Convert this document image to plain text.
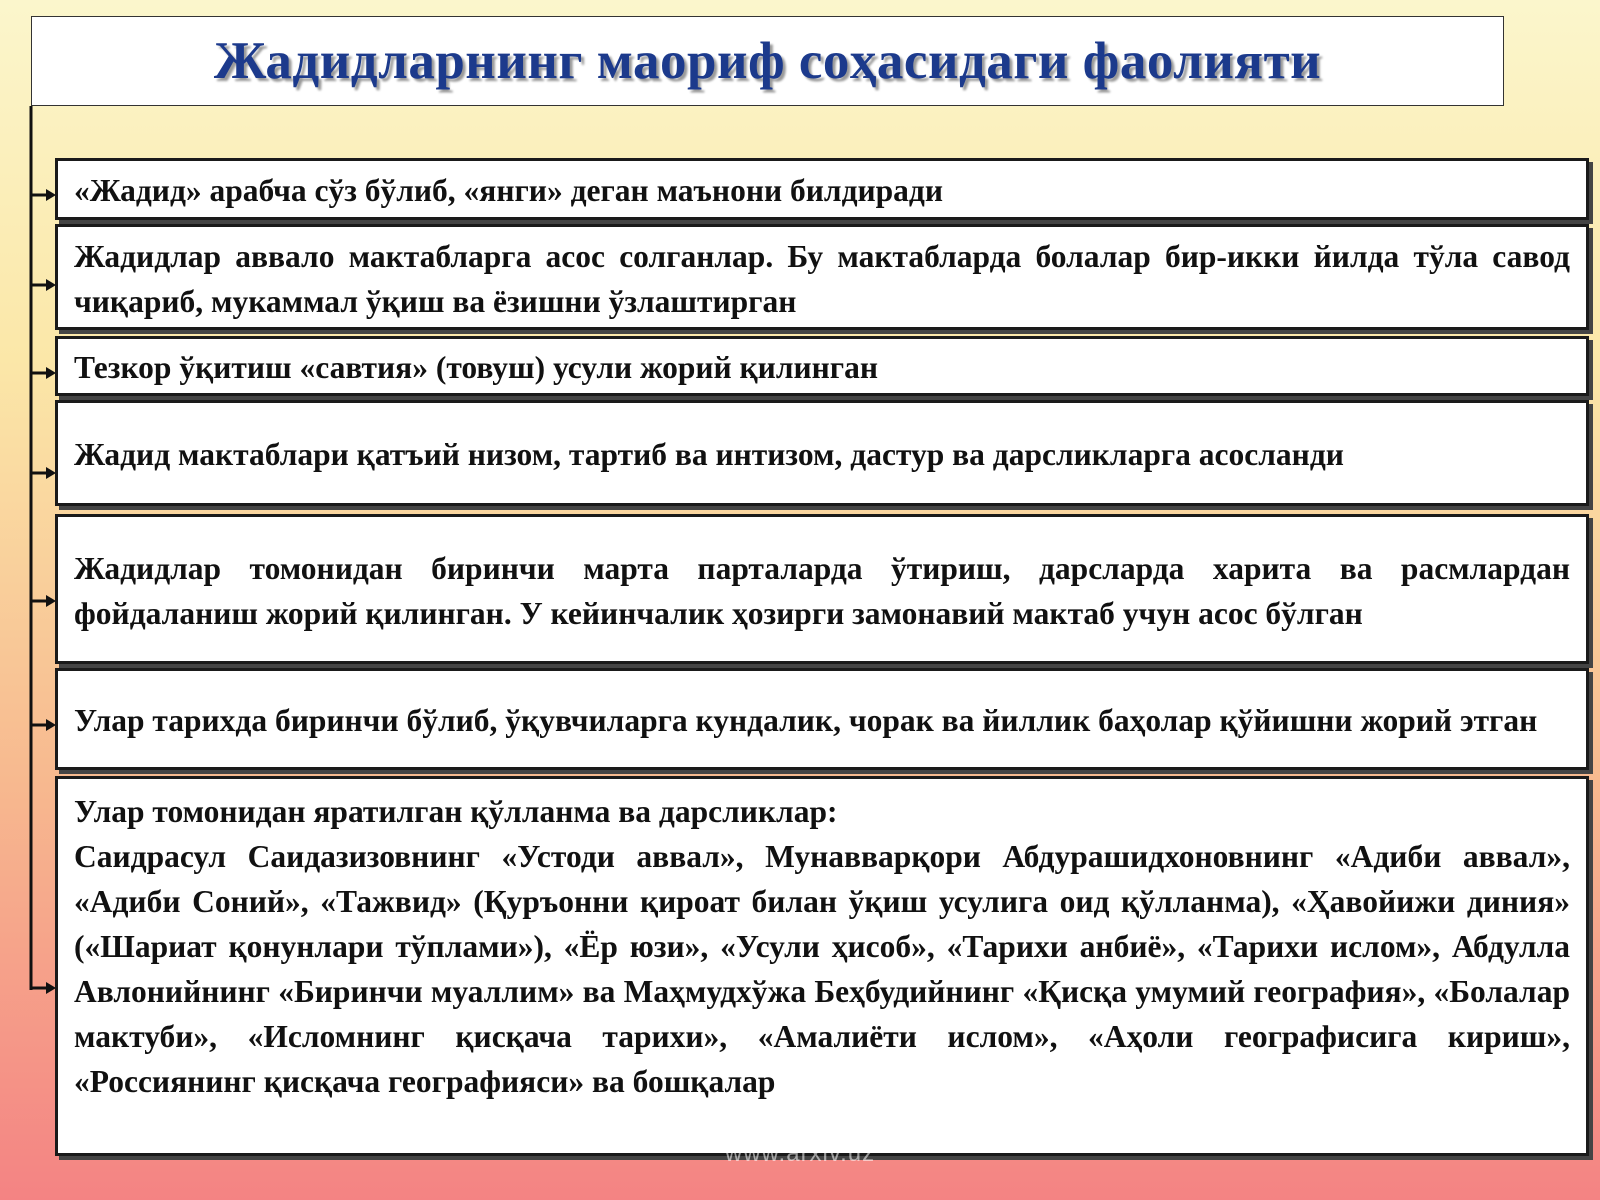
Жадидларнинг маориф соҳасидаги фаолияти
«Жадид» арабча сўз бўлиб, «янги» деган маънони билдиради
Жадидлар аввало мактабларга асос солганлар. Бу мактабларда болалар бир-икки йилда тўла савод чиқариб, мукаммал ўқиш ва ёзишни ўзлаштирган
Тезкор ўқитиш «савтия» (товуш) усули жорий қилинган
Жадид мактаблари қатъий низом, тартиб ва интизом, дастур ва дарсликларга асосланди
Жадидлар томонидан биринчи марта парталарда ўтириш, дарсларда харита ва расмлардан фойдаланиш жорий қилинган. У кейинчалик ҳозирги замонавий мактаб учун асос бўлган
Улар тарихда биринчи бўлиб, ўқувчиларга кундалик, чорак ва йиллик баҳолар қўйишни жорий этган
Улар томонидан яратилган қўлланма ва дарсликлар:
Саидрасул Саидазизовнинг «Устоди аввал», Мунавварқори Абдурашидхоновнинг «Адиби аввал», «Адиби Соний», «Тажвид» (Қуръонни қироат билан ўқиш усулига оид қўлланма), «Ҳавойижи диния» («Шариат қонунлари тўплами»), «Ёр юзи», «Усули ҳисоб», «Тарихи анбиё», «Тарихи ислом», Абдулла Авлонийнинг «Биринчи муаллим» ва Маҳмудхўжа Беҳбудийнинг «Қисқа умумий география», «Болалар мактуби», «Исломнинг қисқача тарихи», «Амалиёти ислом», «Аҳоли географисига кириш», «Россиянинг қисқача географияси» ва бошқалар
www.arxiv.uz
